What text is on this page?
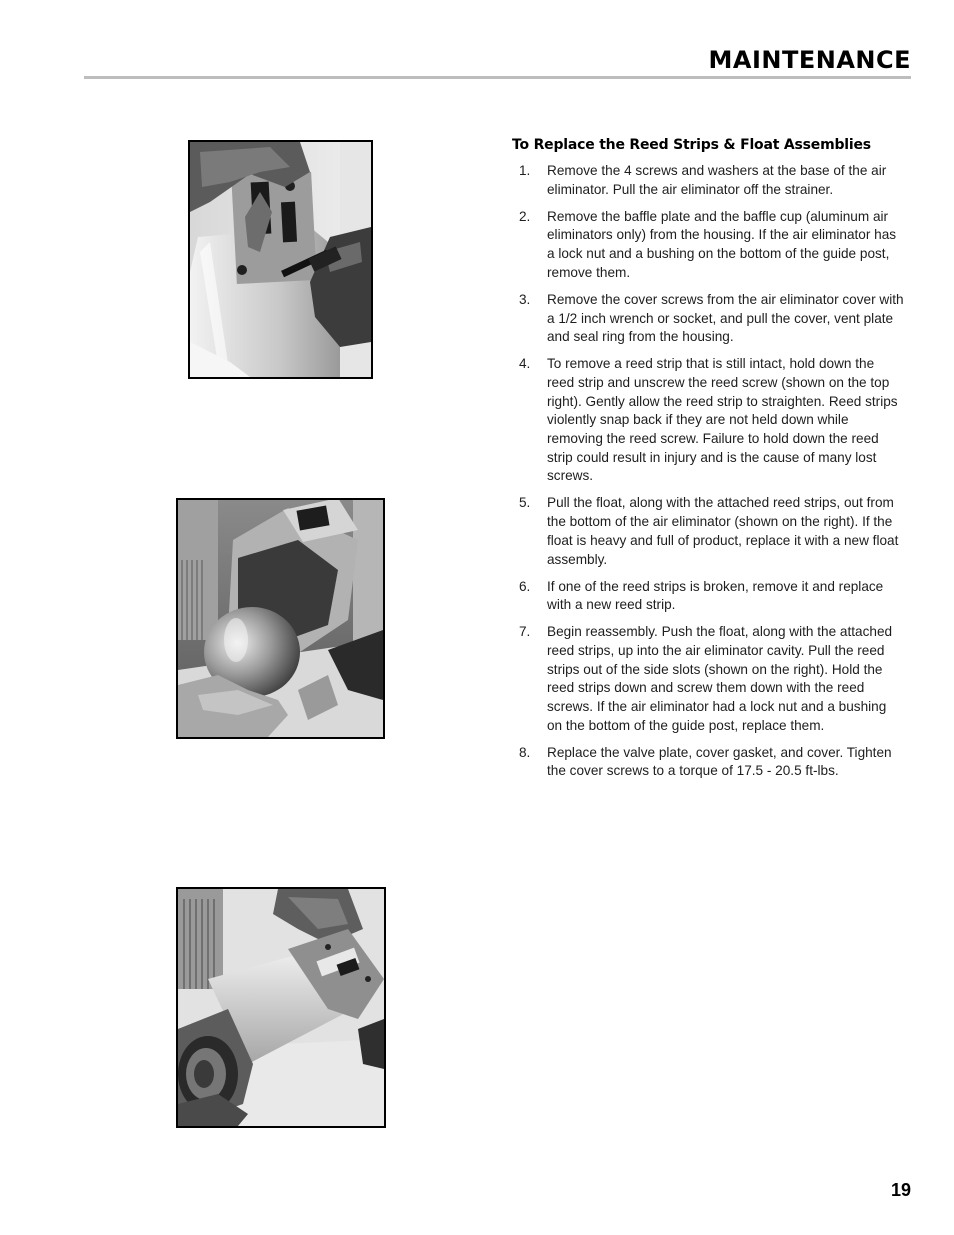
MAINTENANCE
To Replace the Reed Strips & Float Assemblies
1. Remove the 4 screws and washers at the base of the air eliminator. Pull the air eliminator off the strainer.
2. Remove the baffle plate and the baffle cup (aluminum air eliminators only) from the housing. If the air eliminator has a lock nut and a bushing on the bottom of the guide post, remove them.
3. Remove the cover screws from the air eliminator cover with a 1/2 inch wrench or socket, and pull the cover, vent plate and seal ring from the housing.
4. To remove a reed strip that is still intact, hold down the reed strip and unscrew the reed screw (shown on the top right). Gently allow the reed strip to straighten. Reed strips violently snap back if they are not held down while removing the reed screw. Failure to hold down the reed strip could result in injury and is the cause of many lost screws.
5. Pull the float, along with the attached reed strips, out from the bottom of the air eliminator (shown on the right). If the float is heavy and full of product, replace it with a new float assembly.
6. If one of the reed strips is broken, remove it and replace with a new reed strip.
7. Begin reassembly. Push the float, along with the attached reed strips, up into the air eliminator cavity. Pull the reed strips out of the side slots (shown on the right). Hold the reed strips down and screw them down with the reed screws. If the air eliminator had a lock nut and a bushing on the bottom of the guide post, replace them.
8. Replace the valve plate, cover gasket, and cover. Tighten the cover screws to a torque of 17.5 - 20.5 ft-lbs.
19
